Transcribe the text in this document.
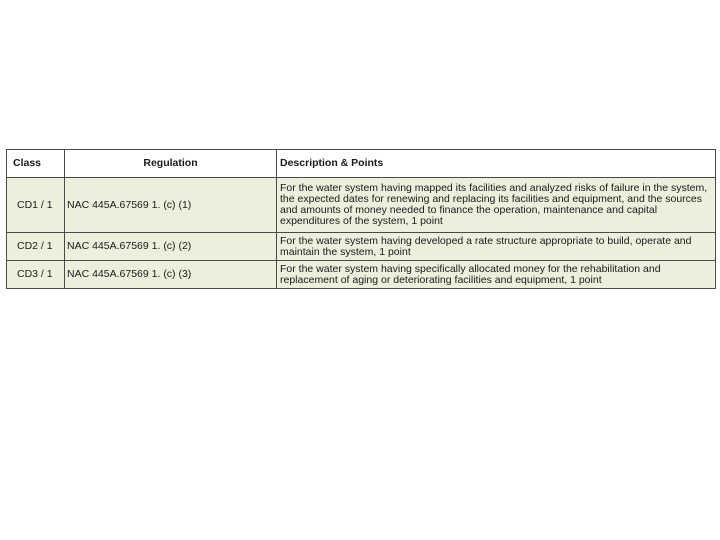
Class	Regulation	Description & Points
CD1 / 1	NAC 445A.67569 1. (c) (1)	For the water system having mapped its facilities and analyzed risks of failure in the system, the expected dates for renewing and replacing its facilities and equipment, and the sources and amounts of money needed to finance the operation, maintenance and capital expenditures of the system, 1 point
CD2 / 1	NAC 445A.67569 1. (c) (2)	For the water system having developed a rate structure appropriate to build, operate and maintain the system, 1 point
CD3 / 1	NAC 445A.67569 1. (c) (3)	For the water system having specifically allocated money for the rehabilitation and replacement of aging or deteriorating facilities and equipment, 1 point
